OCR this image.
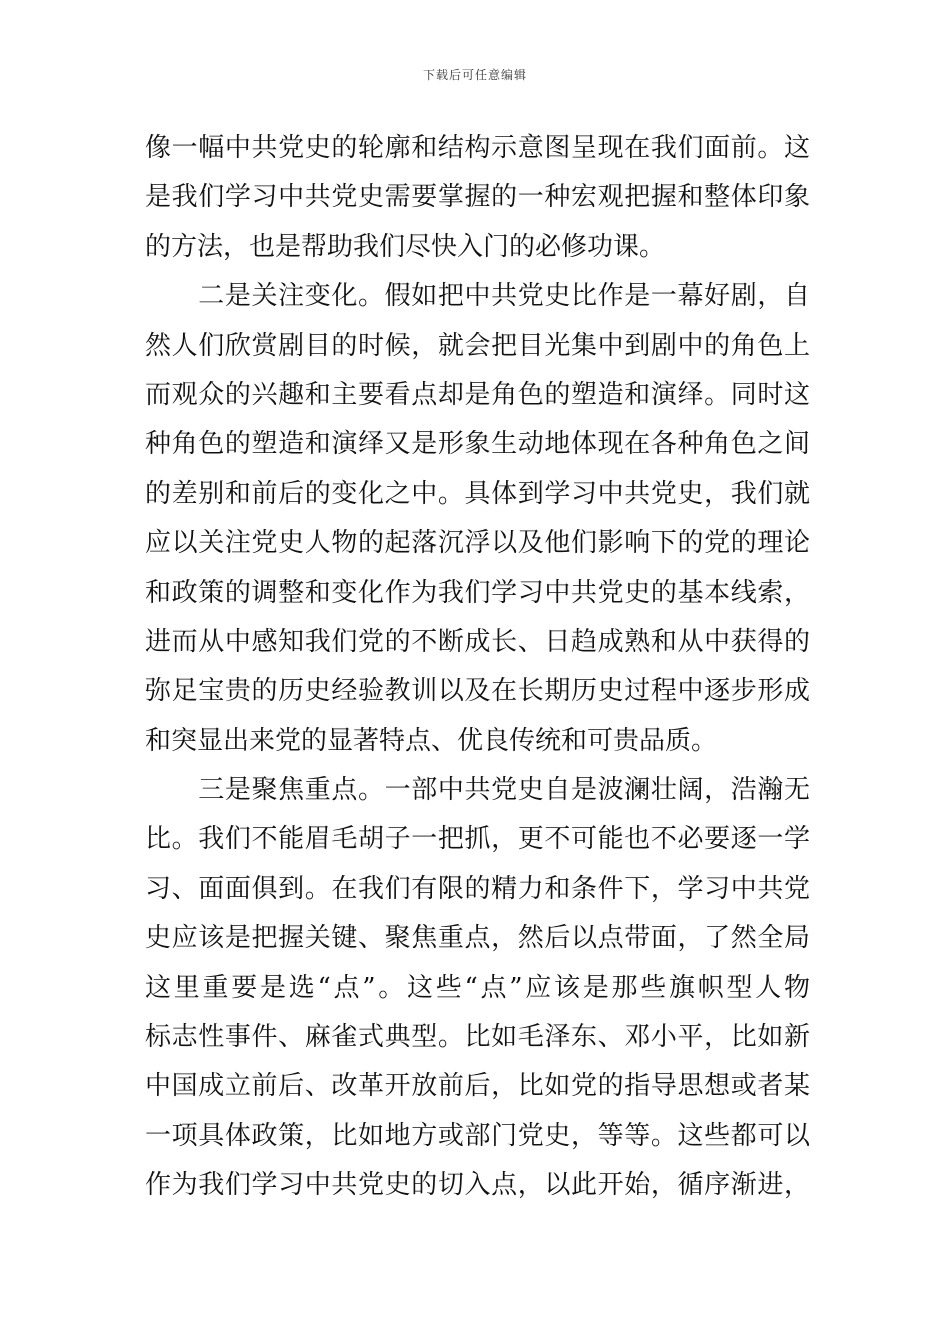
下载后可任意编辑
像一幅中共党史的轮廓和结构示意图呈现在我们面前。这
是我们学习中共党史需要掌握的一种宏观把握和整体印象
的方法，也是帮助我们尽快入门的必修功课。
　　二是关注变化。假如把中共党史比作是一幕好剧，自
然人们欣赏剧目的时候，就会把目光集中到剧中的角色上
而观众的兴趣和主要看点却是角色的塑造和演绎。同时这
种角色的塑造和演绎又是形象生动地体现在各种角色之间
的差别和前后的变化之中。具体到学习中共党史，我们就
应以关注党史人物的起落沉浮以及他们影响下的党的理论
和政策的调整和变化作为我们学习中共党史的基本线索，
进而从中感知我们党的不断成长、日趋成熟和从中获得的
弥足宝贵的历史经验教训以及在长期历史过程中逐步形成
和突显出来党的显著特点、优良传统和可贵品质。
　　三是聚焦重点。一部中共党史自是波澜壮阔，浩瀚无
比。我们不能眉毛胡子一把抓，更不可能也不必要逐一学
习、面面俱到。在我们有限的精力和条件下，学习中共党
史应该是把握关键、聚焦重点，然后以点带面，了然全局
这里重要是选“点”。这些“点”应该是那些旗帜型人物
标志性事件、麻雀式典型。比如毛泽东、邓小平，比如新
中国成立前后、改革开放前后，比如党的指导思想或者某
一项具体政策，比如地方或部门党史，等等。这些都可以
作为我们学习中共党史的切入点，以此开始，循序渐进，
